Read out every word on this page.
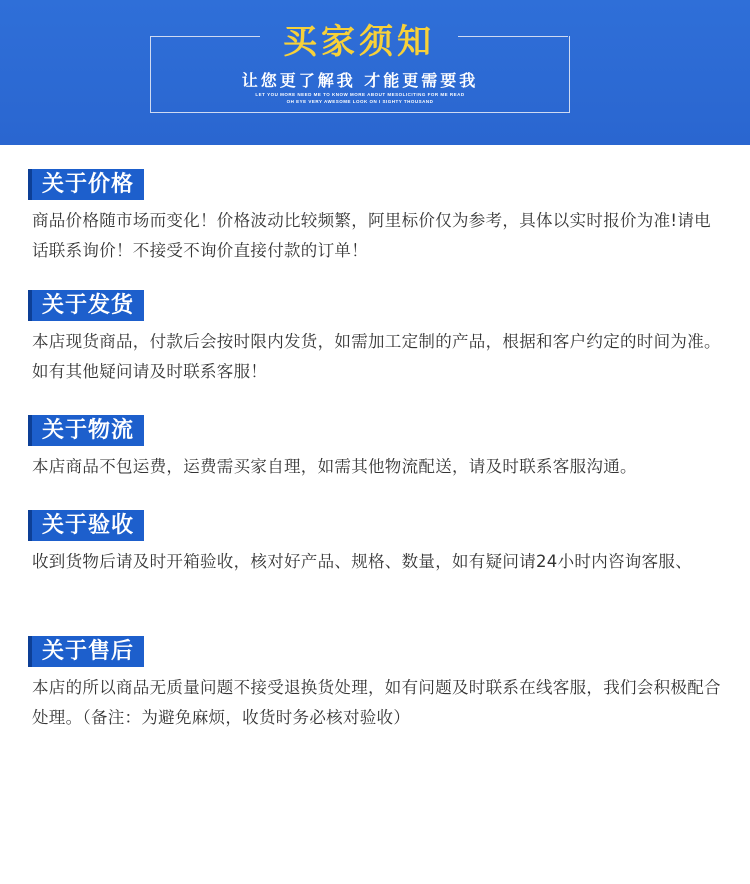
买家须知
让您更了解我 才能更需要我
LET YOU MORE NEED ME TO KNOW MORE ABOUT MESOLICITING FOR ME READ
OH EYE VERY AWESOME LOOK ON I SIGHTY THOUSAND
关于价格
商品价格随市场而变化！价格波动比较频繁，阿里标价仅为参考，具体以实时报价为准!请电话联系询价！不接受不询价直接付款的订单！
关于发货
本店现货商品，付款后会按时限内发货，如需加工定制的产品，根据和客户约定的时间为准。如有其他疑问请及时联系客服！
关于物流
本店商品不包运费，运费需买家自理，如需其他物流配送，请及时联系客服沟通。
关于验收
收到货物后请及时开箱验收，核对好产品、规格、数量，如有疑问请24小时内咨询客服、
关于售后
本店的所以商品无质量问题不接受退换货处理，如有问题及时联系在线客服，我们会积极配合处理。（备注：为避免麻烦，收货时务必核对验收）
